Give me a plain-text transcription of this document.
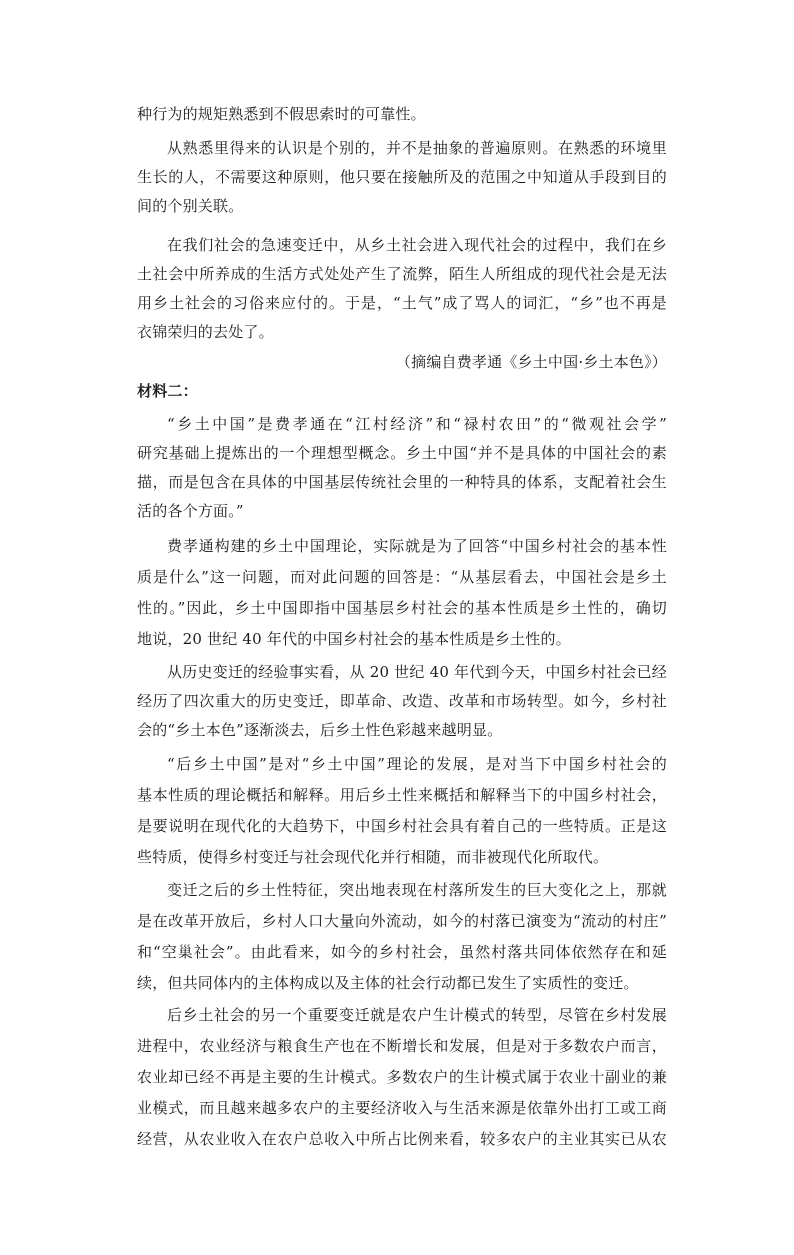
种行为的规矩熟悉到不假思索时的可靠性。
从熟悉里得来的认识是个别的，并不是抽象的普遍原则。在熟悉的环境里
生长的人，不需要这种原则，他只要在接触所及的范围之中知道从手段到目的
间的个别关联。
在我们社会的急速变迁中，从乡土社会进入现代社会的过程中，我们在乡
土社会中所养成的生活方式处处产生了流弊，陌生人所组成的现代社会是无法
用乡土社会的习俗来应付的。于是，“土气”成了骂人的词汇，“乡”也不再是
衣锦荣归的去处了。
（摘编自费孝通《乡土中国·乡土本色》）
材料二：
“乡土中国”是费孝通在“江村经济”和“禄村农田”的“微观社会学”
研究基础上提炼出的一个理想型概念。乡土中国“并不是具体的中国社会的素
描，而是包含在具体的中国基层传统社会里的一种特具的体系，支配着社会生
活的各个方面。”
费孝通构建的乡土中国理论，实际就是为了回答“中国乡村社会的基本性
质是什么”这一问题，而对此问题的回答是：“从基层看去，中国社会是乡土
性的。”因此，乡土中国即指中国基层乡村社会的基本性质是乡土性的，确切
地说，20 世纪 40 年代的中国乡村社会的基本性质是乡土性的。
从历史变迁的经验事实看，从 20 世纪 40 年代到今天，中国乡村社会已经
经历了四次重大的历史变迁，即革命、改造、改革和市场转型。如今，乡村社
会的“乡土本色”逐渐淡去，后乡土性色彩越来越明显。
“后乡土中国”是对“乡土中国”理论的发展，是对当下中国乡村社会的
基本性质的理论概括和解释。用后乡土性来概括和解释当下的中国乡村社会，
是要说明在现代化的大趋势下，中国乡村社会具有着自己的一些特质。正是这
些特质，使得乡村变迁与社会现代化并行相随，而非被现代化所取代。
变迁之后的乡土性特征，突出地表现在村落所发生的巨大变化之上，那就
是在改革开放后，乡村人口大量向外流动，如今的村落已演变为“流动的村庄”
和“空巢社会”。由此看来，如今的乡村社会，虽然村落共同体依然存在和延
续，但共同体内的主体构成以及主体的社会行动都已发生了实质性的变迁。
后乡土社会的另一个重要变迁就是农户生计模式的转型，尽管在乡村发展
进程中，农业经济与粮食生产也在不断增长和发展，但是对于多数农户而言，
农业却已经不再是主要的生计模式。多数农户的生计模式属于农业十副业的兼
业模式，而且越来越多农户的主要经济收入与生活来源是依靠外出打工或工商
经营，从农业收入在农户总收入中所占比例来看，较多农户的主业其实已从农
